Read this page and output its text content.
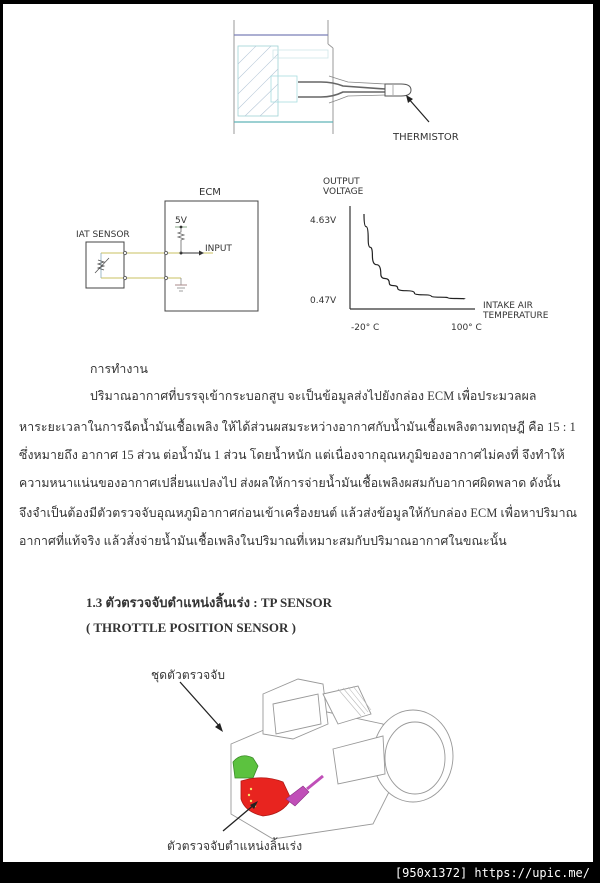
THERMISTOR
ECM
IAT SENSOR
5V
INPUT
OUTPUT VOLTAGE
4.63V
0.47V
-20° C	100° C
INTAKE AIR TEMPERATURE
การทำงาน
ปริมาณอากาศที่บรรจุเข้ากระบอกสูบ จะเป็นข้อมูลส่งไปยังกล่อง ECM เพื่อประมวลผล
หาระยะเวลาในการฉีดน้ำมันเชื้อเพลิง ให้ได้ส่วนผสมระหว่างอากาศกับน้ำมันเชื้อเพลิงตามทฤษฎี คือ 15 : 1
ซึ่งหมายถึง อากาศ 15 ส่วน ต่อน้ำมัน 1 ส่วน โดยน้ำหนัก แต่เนื่องจากอุณหภูมิของอากาศไม่คงที่ จึงทำให้
ความหนาแน่นของอากาศเปลี่ยนแปลงไป ส่งผลให้การจ่ายน้ำมันเชื้อเพลิงผสมกับอากาศผิดพลาด ดังนั้น
จึงจำเป็นต้องมีตัวตรวจจับอุณหภูมิอากาศก่อนเข้าเครื่องยนต์ แล้วส่งข้อมูลให้กับกล่อง ECM เพื่อหาปริมาณ
อากาศที่แท้จริง แล้วสั่งจ่ายน้ำมันเชื้อเพลิงในปริมาณที่เหมาะสมกับปริมาณอากาศในขณะนั้น
1.3 ตัวตรวจจับตำแหน่งลิ้นเร่ง : TP SENSOR
( THROTTLE POSITION SENSOR )
ชุดตัวตรวจจับ
ตัวตรวจจับตำแหน่งลิ้นเร่ง
[950x1372] https://upic.me/
